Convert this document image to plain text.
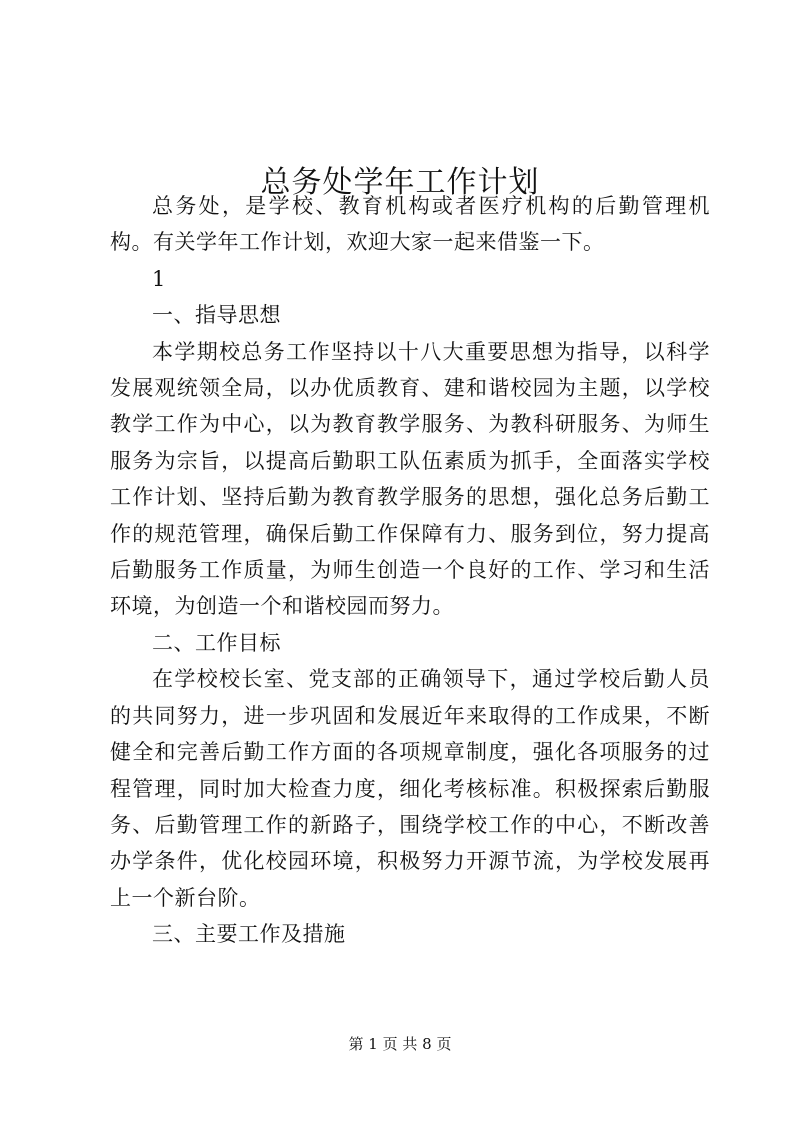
总务处学年工作计划

总务处，是学校、教育机构或者医疗机构的后勤管理机构。有关学年工作计划，欢迎大家一起来借鉴一下。

1

一、指导思想

本学期校总务工作坚持以十八大重要思想为指导，以科学发展观统领全局，以办优质教育、建和谐校园为主题，以学校教学工作为中心，以为教育教学服务、为教科研服务、为师生服务为宗旨，以提高后勤职工队伍素质为抓手，全面落实学校工作计划、坚持后勤为教育教学服务的思想，强化总务后勤工作的规范管理，确保后勤工作保障有力、服务到位，努力提高后勤服务工作质量，为师生创造一个良好的工作、学习和生活环境，为创造一个和谐校园而努力。

二、工作目标

在学校校长室、党支部的正确领导下，通过学校后勤人员的共同努力，进一步巩固和发展近年来取得的工作成果，不断健全和完善后勤工作方面的各项规章制度，强化各项服务的过程管理，同时加大检查力度，细化考核标准。积极探索后勤服务、后勤管理工作的新路子，围绕学校工作的中心，不断改善办学条件，优化校园环境，积极努力开源节流，为学校发展再上一个新台阶。

三、主要工作及措施

第 1 页 共 8 页
